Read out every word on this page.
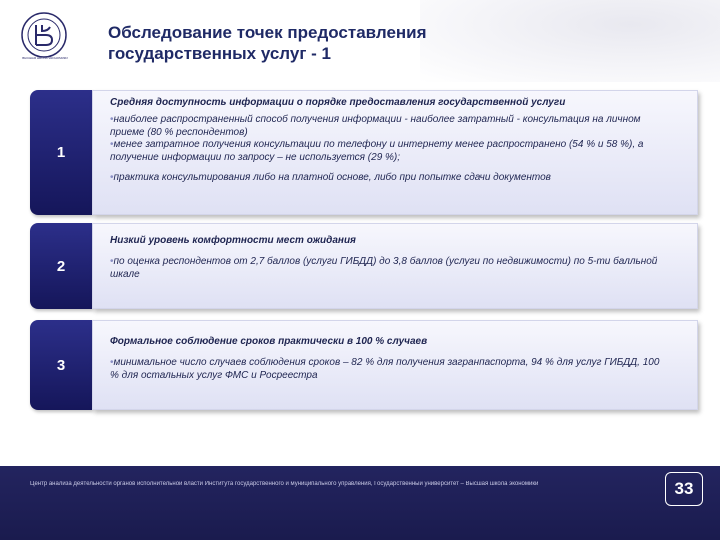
ВЫСШАЯ ШКОЛА ЭКОНОМИКИ
Обследование точек предоставления государственных услуг - 1
1
Средняя доступность информации о порядке предоставления государственной услуги

•наиболее распространенный способ получения информации - наиболее затратный - консультация на личном приеме (80 % респондентов)

•менее затратное получения консультации по телефону и интернету менее распространено (54 % и 58 %), а получение информации по запросу – не используется (29 %);

•практика консультирования либо на платной основе, либо при попытке сдачи документов

2
Низкий уровень комфортности мест ожидания

•по оценка респондентов от 2,7 баллов (услуги ГИБДД) до 3,8 баллов (услуги по недвижимости) по 5-ти балльной шкале

3
Формальное соблюдение сроков практически в 100 % случаев

•минимальное число случаев соблюдения сроков – 82 % для получения загранпаспорта, 94 % для услуг ГИБДД, 100 % для остальных услуг ФМС и Росреестра

Центр анализа деятельности органов исполнительной власти Института государственного и муниципального управления, Государственный университет – Высшая школа экономики	33
